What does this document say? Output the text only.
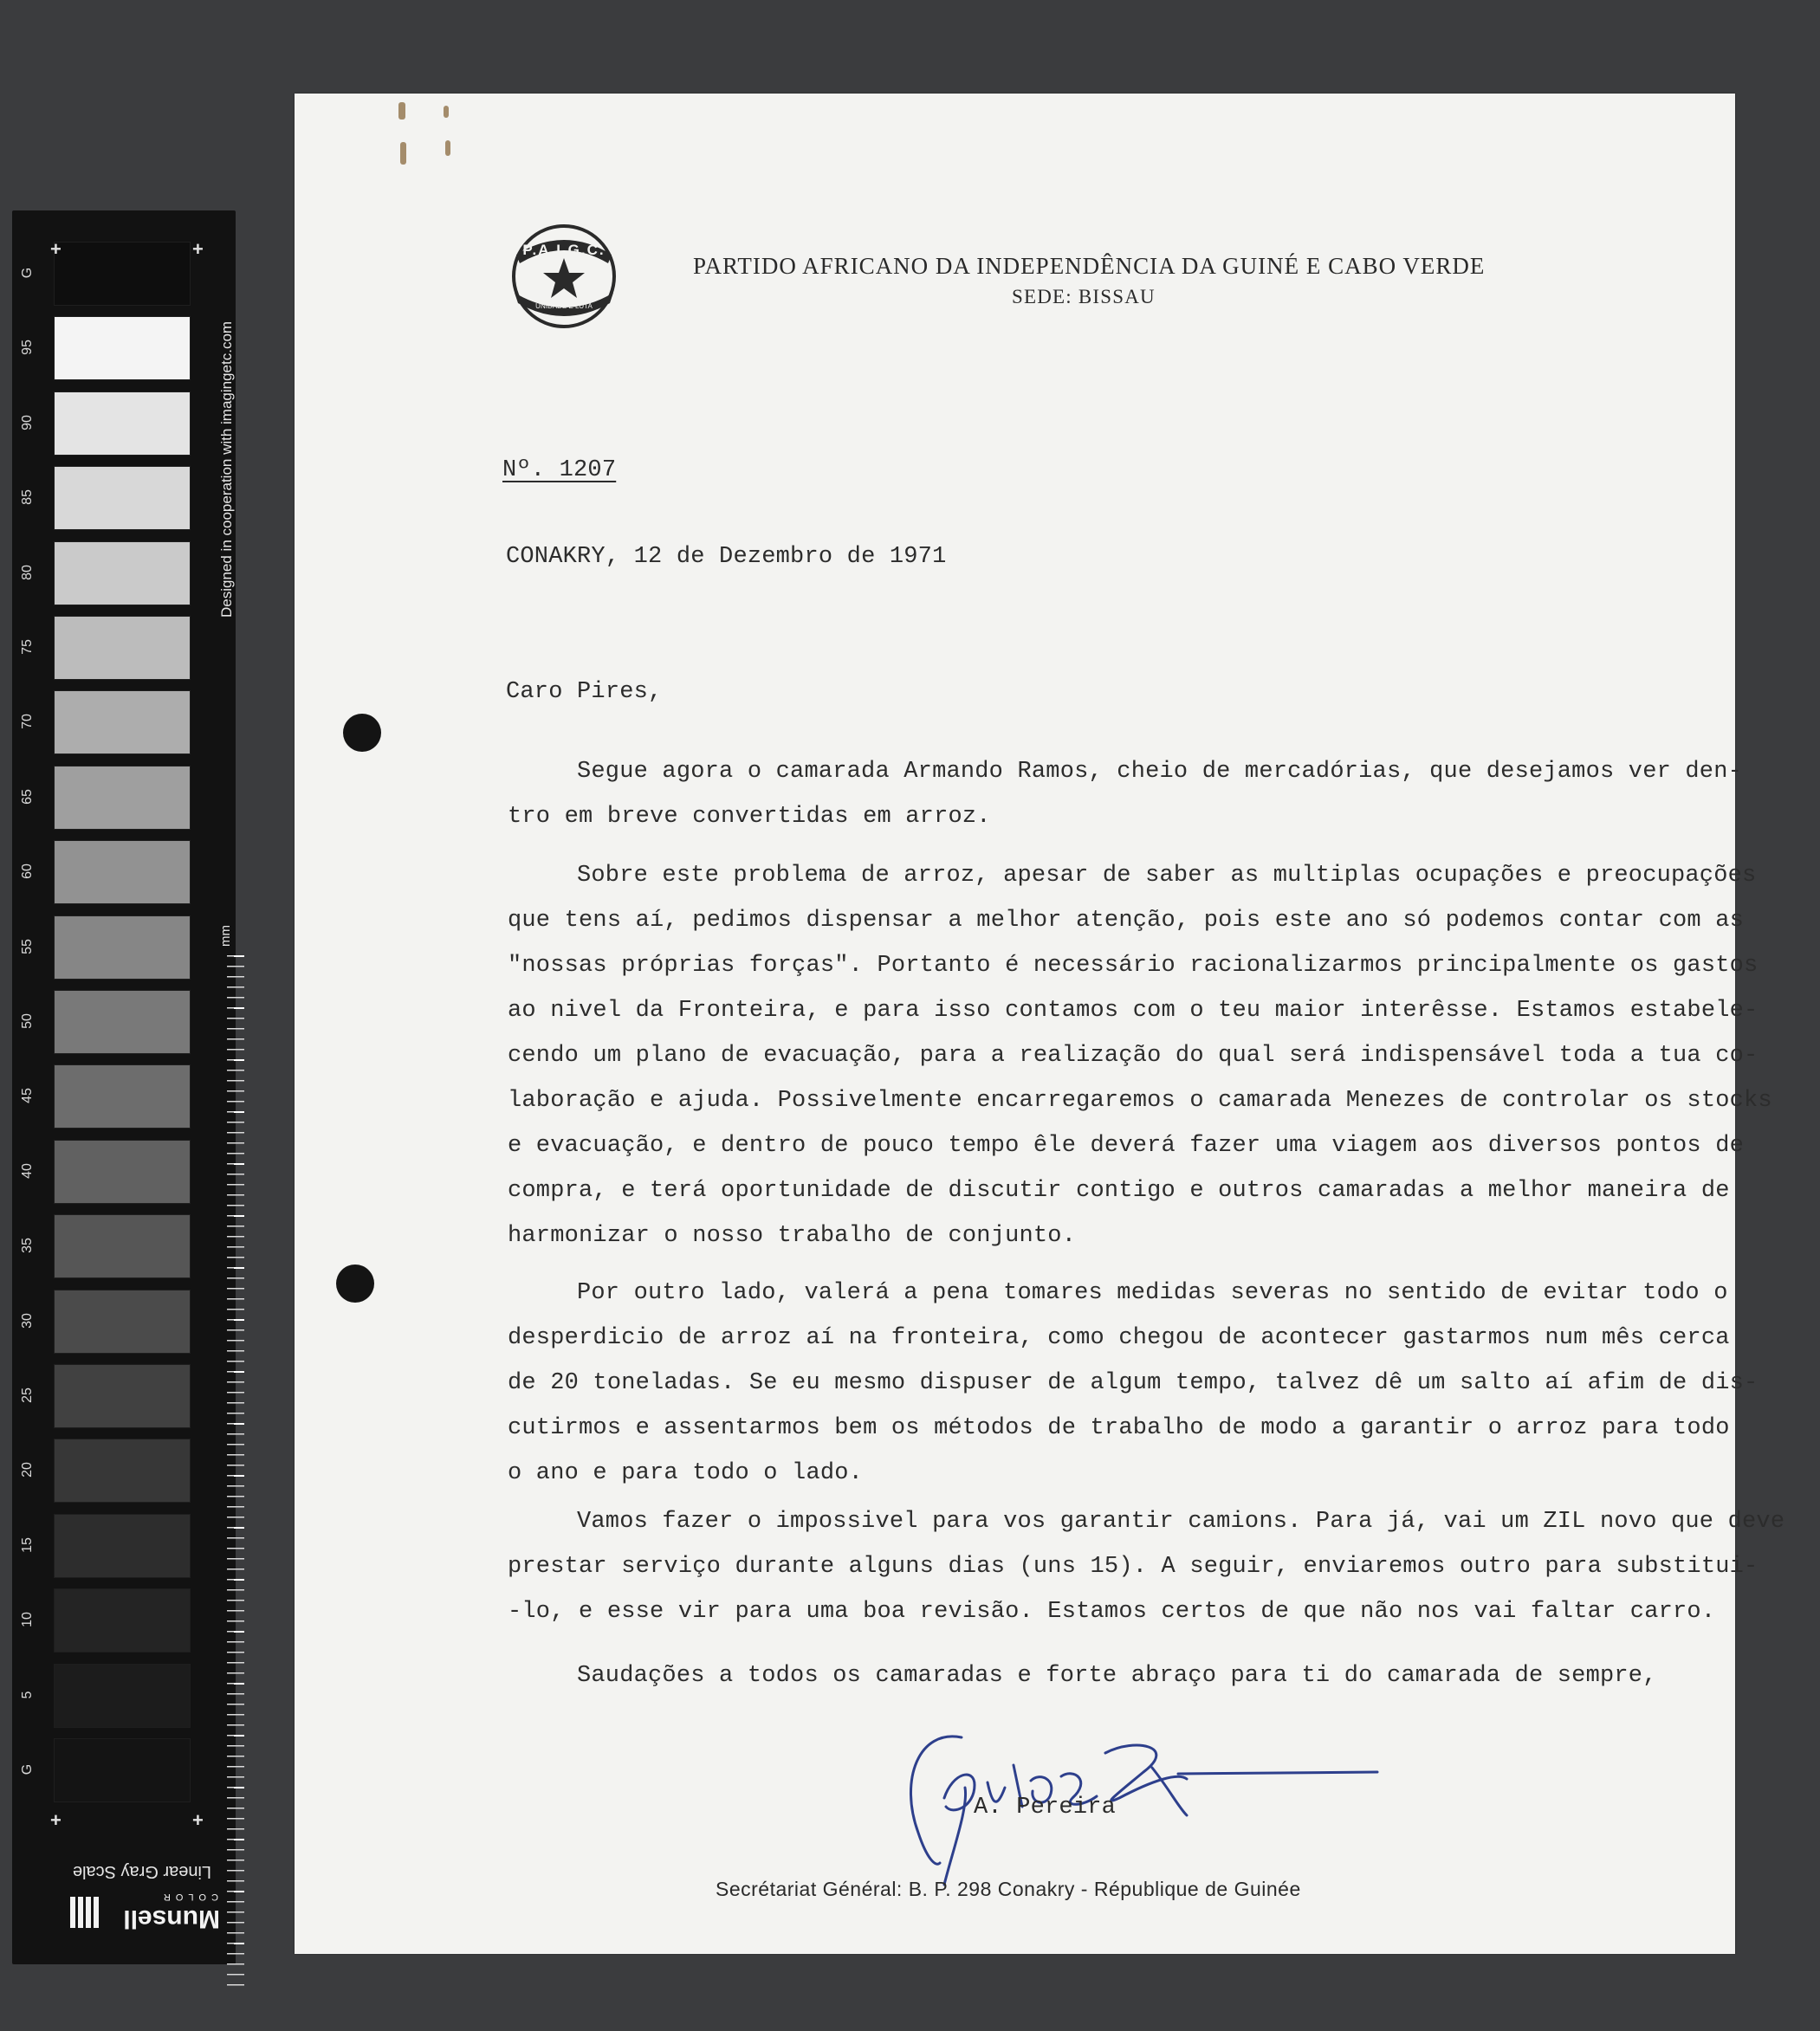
G
95
90
85
80
75
70
65
60
55
50
45
40
35
30
25
20
15
10
5
G
Designed in cooperation with imagingetc.com
mm
+	+
+	+
Linear Gray Scale
Munsell
COLOR
P.A.I.G.C.
UNIDADE E LUTA
PARTIDO AFRICANO DA INDEPENDÊNCIA DA GUINÉ E CABO VERDE
SEDE: BISSAU
Nº. 1207
CONAKRY, 12 de Dezembro de 1971
Caro Pires,
Segue agora o camarada Armando Ramos, cheio de mercadórias, que desejamos ver den-
tro em breve convertidas em arroz.
Sobre este problema de arroz, apesar de saber as multiplas ocupações e preocupações
que tens aí, pedimos dispensar a melhor atenção, pois este ano só podemos contar com as
"nossas próprias forças". Portanto é necessário racionalizarmos principalmente os gastos
ao nivel da Fronteira, e para isso contamos com o teu maior interêsse. Estamos estabele-
cendo um plano de evacuação, para a realização do qual será indispensável toda a tua co-
laboração e ajuda. Possivelmente encarregaremos o camarada Menezes de controlar os stocks
e evacuação, e dentro de pouco tempo êle deverá fazer uma viagem aos diversos pontos de
compra, e terá oportunidade de discutir contigo e outros camaradas a melhor maneira de
harmonizar o nosso trabalho de conjunto.
Por outro lado, valerá a pena tomares medidas severas no sentido de evitar todo o
desperdicio de arroz aí na fronteira, como chegou de acontecer gastarmos num mês cerca
de 20 toneladas. Se eu mesmo dispuser de algum tempo, talvez dê um salto aí afim de dis-
cutirmos e assentarmos bem os métodos de trabalho de modo a garantir o arroz para todo
o ano e para todo o lado.
Vamos fazer o impossivel para vos garantir camions. Para já, vai um ZIL novo que deve
prestar serviço durante alguns dias (uns 15). A seguir, enviaremos outro para substitui-
-lo, e esse vir para uma boa revisão. Estamos certos de que não nos vai faltar carro.
Saudações a todos os camaradas e forte abraço para ti do camarada de sempre,
A. Pereira
Secrétariat Général: B. P. 298 Conakry - République de Guinée
